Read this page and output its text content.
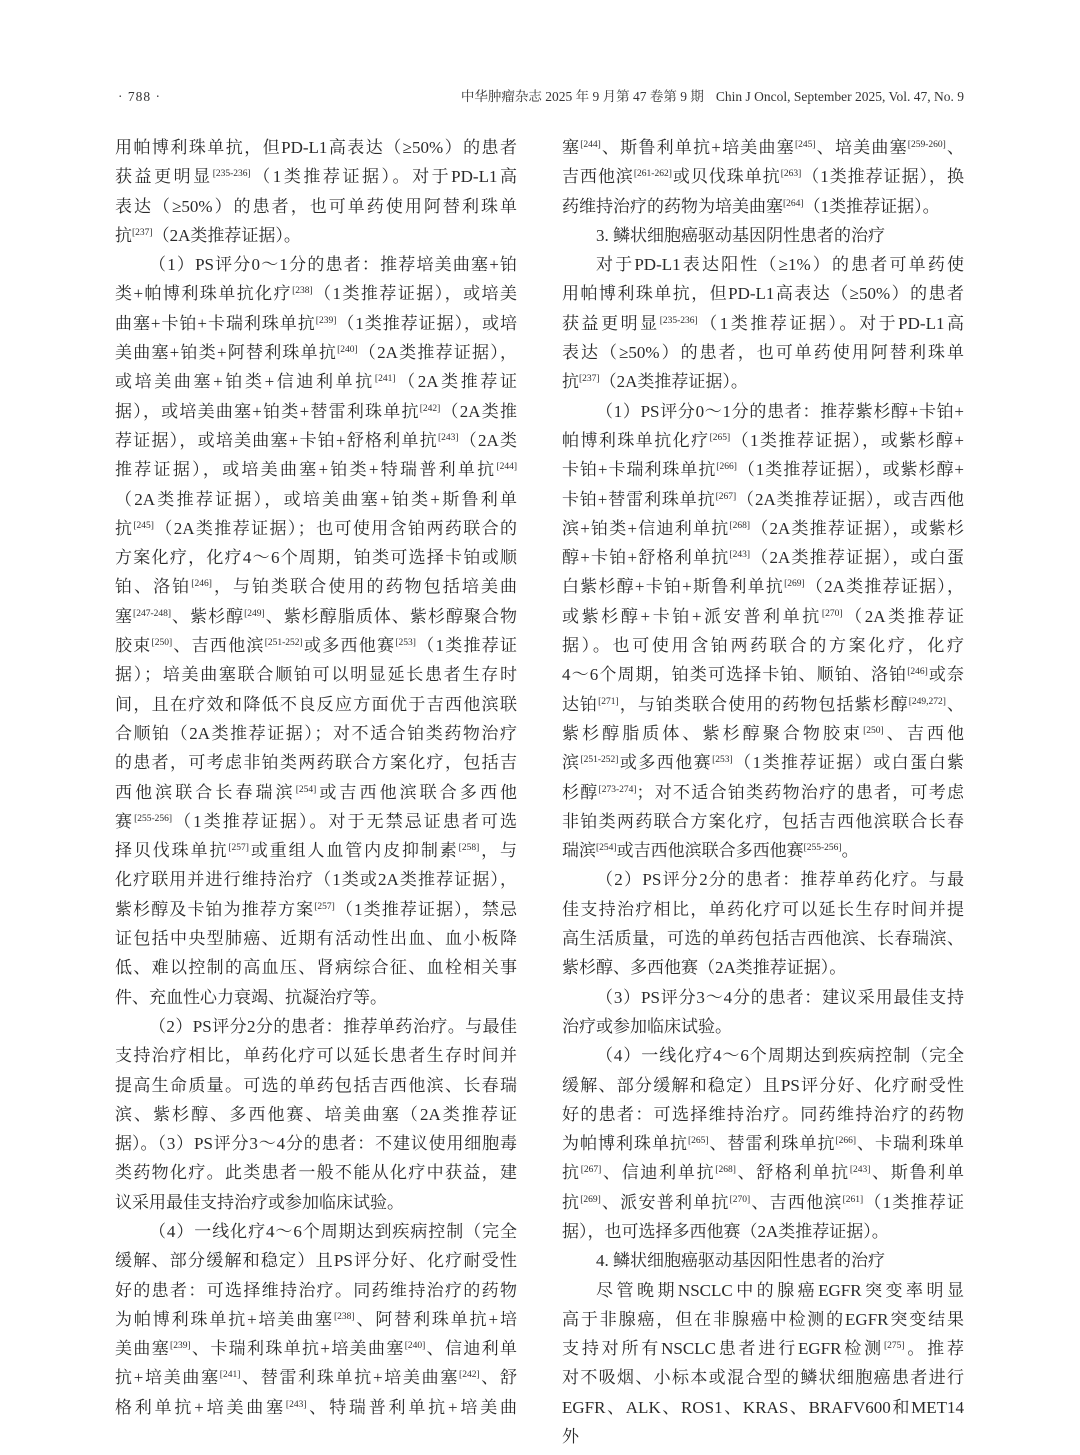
· 788 ·	中华肿瘤杂志 2025 年 9 月第 47 卷第 9 期 Chin J Oncol, September 2025, Vol. 47, No. 9
用帕博利珠单抗，但PD-L1高表达（≥50%）的患者
获益更明显[235-236]（1类推荐证据）。对于PD-L1高
表达（≥50%）的患者，也可单药使用阿替利珠单
抗[237]（2A类推荐证据）。
（1）PS评分0～1分的患者：推荐培美曲塞+铂
类+帕博利珠单抗化疗[238]（1类推荐证据），或培美
曲塞+卡铂+卡瑞利珠单抗[239]（1类推荐证据），或培
美曲塞+铂类+阿替利珠单抗[240]（2A类推荐证据），
或培美曲塞+铂类+信迪利单抗[241]（2A类推荐证
据），或培美曲塞+铂类+替雷利珠单抗[242]（2A类推
荐证据），或培美曲塞+卡铂+舒格利单抗[243]（2A类
推荐证据），或培美曲塞+铂类+特瑞普利单抗[244]
（2A类推荐证据），或培美曲塞+铂类+斯鲁利单
抗[245]（2A类推荐证据）；也可使用含铂两药联合的
方案化疗，化疗4～6个周期，铂类可选择卡铂或顺
铂、洛铂[246]，与铂类联合使用的药物包括培美曲
塞[247-248]、紫杉醇[249]、紫杉醇脂质体、紫杉醇聚合物
胶束[250]、吉西他滨[251-252]或多西他赛[253]（1类推荐证
据）；培美曲塞联合顺铂可以明显延长患者生存时
间，且在疗效和降低不良反应方面优于吉西他滨联
合顺铂（2A类推荐证据）；对不适合铂类药物治疗
的患者，可考虑非铂类两药联合方案化疗，包括吉
西他滨联合长春瑞滨[254]或吉西他滨联合多西他
赛[255-256]（1类推荐证据）。对于无禁忌证患者可选
择贝伐珠单抗[257]或重组人血管内皮抑制素[258]，与
化疗联用并进行维持治疗（1类或2A类推荐证据），
紫杉醇及卡铂为推荐方案[257]（1类推荐证据），禁忌
证包括中央型肺癌、近期有活动性出血、血小板降
低、难以控制的高血压、肾病综合征、血栓相关事
件、充血性心力衰竭、抗凝治疗等。
（2）PS评分2分的患者：推荐单药治疗。与最佳
支持治疗相比，单药化疗可以延长患者生存时间并
提高生命质量。可选的单药包括吉西他滨、长春瑞
滨、紫杉醇、多西他赛、培美曲塞（2A类推荐证据）。
（3）PS评分3～4分的患者：不建议使用细胞毒
类药物化疗。此类患者一般不能从化疗中获益，建
议采用最佳支持治疗或参加临床试验。
（4）一线化疗4～6个周期达到疾病控制（完全
缓解、部分缓解和稳定）且PS评分好、化疗耐受性
好的患者：可选择维持治疗。同药维持治疗的药物
为帕博利珠单抗+培美曲塞[238]、阿替利珠单抗+培
美曲塞[239]、卡瑞利珠单抗+培美曲塞[240]、信迪利单
抗+培美曲塞[241]、替雷利珠单抗+培美曲塞[242]、舒
格利单抗+培美曲塞[243]、特瑞普利单抗+培美曲
塞[244]、斯鲁利单抗+培美曲塞[245]、培美曲塞[259-260]、
吉西他滨[261-262]或贝伐珠单抗[263]（1类推荐证据），换
药维持治疗的药物为培美曲塞[264]（1类推荐证据）。
3. 鳞状细胞癌驱动基因阴性患者的治疗
对于PD-L1表达阳性（≥1%）的患者可单药使
用帕博利珠单抗，但PD-L1高表达（≥50%）的患者
获益更明显[235-236]（1类推荐证据）。对于PD-L1高
表达（≥50%）的患者，也可单药使用阿替利珠单
抗[237]（2A类推荐证据）。
（1）PS评分0～1分的患者：推荐紫杉醇+卡铂+
帕博利珠单抗化疗[265]（1类推荐证据），或紫杉醇+
卡铂+卡瑞利珠单抗[266]（1类推荐证据），或紫杉醇+
卡铂+替雷利珠单抗[267]（2A类推荐证据），或吉西他
滨+铂类+信迪利单抗[268]（2A类推荐证据），或紫杉
醇+卡铂+舒格利单抗[243]（2A类推荐证据），或白蛋
白紫杉醇+卡铂+斯鲁利单抗[269]（2A类推荐证据），
或紫杉醇+卡铂+派安普利单抗[270]（2A类推荐证
据）。也可使用含铂两药联合的方案化疗，化疗
4～6个周期，铂类可选择卡铂、顺铂、洛铂[246]或奈
达铂[271]，与铂类联合使用的药物包括紫杉醇[249,272]、
紫杉醇脂质体、紫杉醇聚合物胶束[250]、吉西他
滨[251-252]或多西他赛[253]（1类推荐证据）或白蛋白紫
杉醇[273-274]；对不适合铂类药物治疗的患者，可考虑
非铂类两药联合方案化疗，包括吉西他滨联合长春
瑞滨[254]或吉西他滨联合多西他赛[255-256]。
（2）PS评分2分的患者：推荐单药化疗。与最
佳支持治疗相比，单药化疗可以延长生存时间并提
高生活质量，可选的单药包括吉西他滨、长春瑞滨、
紫杉醇、多西他赛（2A类推荐证据）。
（3）PS评分3～4分的患者：建议采用最佳支持
治疗或参加临床试验。
（4）一线化疗4～6个周期达到疾病控制（完全
缓解、部分缓解和稳定）且PS评分好、化疗耐受性
好的患者：可选择维持治疗。同药维持治疗的药物
为帕博利珠单抗[265]、替雷利珠单抗[266]、卡瑞利珠单
抗[267]、信迪利单抗[268]、舒格利单抗[243]、斯鲁利单
抗[269]、派安普利单抗[270]、吉西他滨[261]（1类推荐证
据），也可选择多西他赛（2A类推荐证据）。
4. 鳞状细胞癌驱动基因阳性患者的治疗
尽管晚期NSCLC中的腺癌EGFR突变率明显
高于非腺癌，但在非腺癌中检测的EGFR突变结果
支持对所有NSCLC患者进行EGFR检测[275]。推荐
对不吸烟、小标本或混合型的鳞状细胞癌患者进行
EGFR、ALK、ROS1、KRAS、BRAFV600和MET14外
